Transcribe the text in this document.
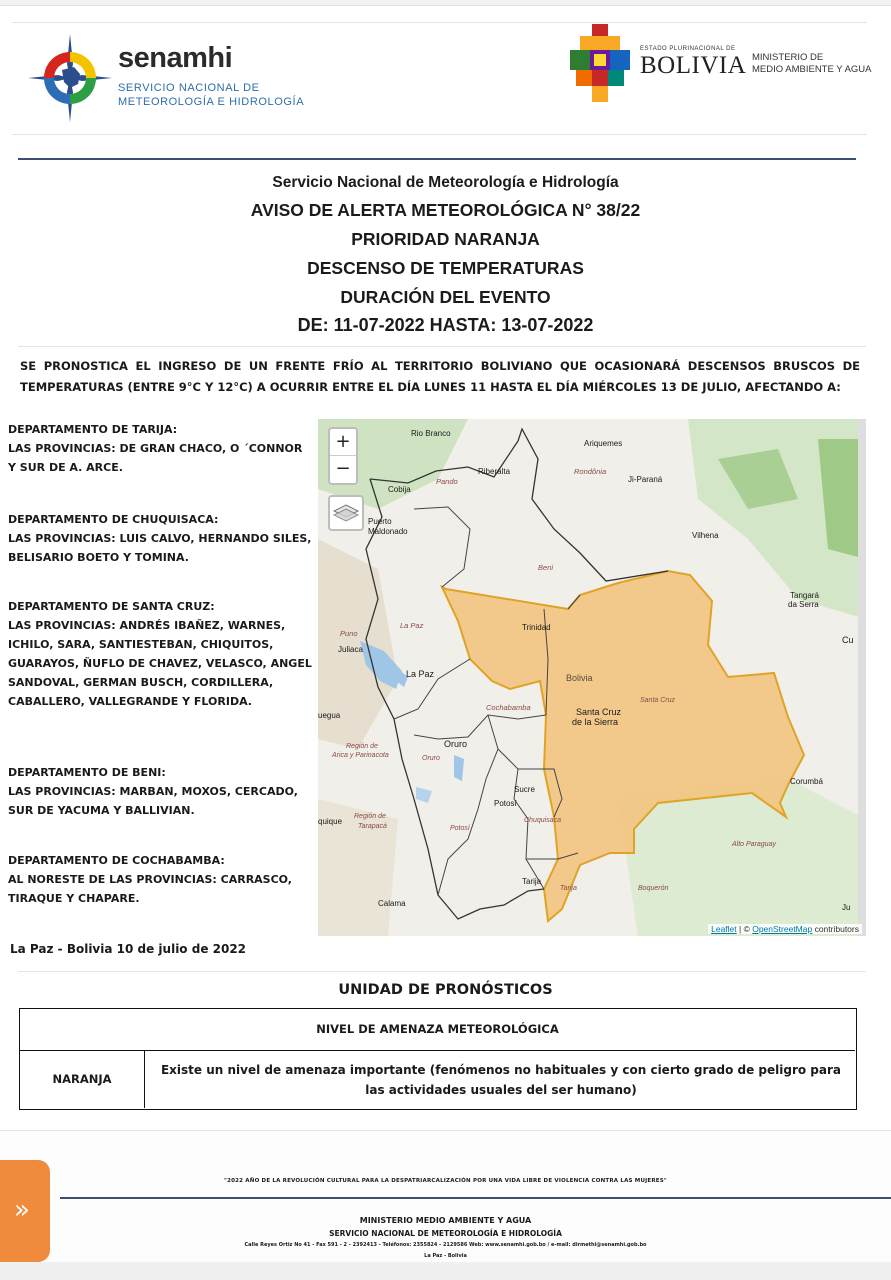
senamhi
SERVICIO NACIONAL DE
METEOROLOGÍA E HIDROLOGÍA
ESTADO PLURINACIONAL DE
BOLIVIA MINISTERIO DE
MEDIO AMBIENTE Y AGUA
Servicio Nacional de Meteorología e Hidrología
AVISO DE ALERTA METEOROLÓGICA N° 38/22
PRIORIDAD NARANJA
DESCENSO DE TEMPERATURAS
DURACIÓN DEL EVENTO
DE: 11-07-2022 HASTA: 13-07-2022
SE PRONOSTICA EL INGRESO DE UN FRENTE FRÍO AL TERRITORIO BOLIVIANO QUE OCASIONARÁ DESCENSOS BRUSCOS DE TEMPERATURAS (ENTRE 9°C Y 12°C) A OCURRIR ENTRE EL DÍA LUNES 11 HASTA EL DÍA MIÉRCOLES 13 DE JULIO, AFECTANDO A:
DEPARTAMENTO DE TARIJA:
LAS PROVINCIAS: DE GRAN CHACO, O ´CONNOR Y SUR DE A. ARCE.
DEPARTAMENTO DE CHUQUISACA:
LAS PROVINCIAS: LUIS CALVO, HERNANDO SILES, BELISARIO BOETO Y TOMINA.
DEPARTAMENTO DE SANTA CRUZ:
LAS PROVINCIAS: ANDRÉS IBAÑEZ, WARNES, ICHILO, SARA, SANTIESTEBAN, CHIQUITOS, GUARAYOS, ÑUFLO DE CHAVEZ, VELASCO, ANGEL SANDOVAL, GERMAN BUSCH, CORDILLERA, CABALLERO, VALLEGRANDE Y FLORIDA.
DEPARTAMENTO DE BENI:
LAS PROVINCIAS: MARBAN, MOXOS, CERCADO, SUR DE YACUMA Y BALLIVIAN.
DEPARTAMENTO DE COCHABAMBA:
AL NORESTE DE LAS PROVINCIAS: CARRASCO, TIRAQUE Y CHAPARE.
+
−
Rio Branco
Ariquemes
Riberalta	Rondônia
Ji-Paraná
Cobija
Pando
Puerto
Maldonado	Vilhena
Beni
Tangará
da Serra
Trinidad
Puno
La Paz
Juliaca
La Paz	Bolivia
Cu
Cochabamba	Santa Cruz
de la Sierra
Santa Cruz
uegua
Región de
Arica y Parinacota
Oruro
Oruro
Sucre
Potosí
Potosí
Chuquisaca
Corumbá
quique
Región de
Tarapacá
Alto Paraguay
Tarija
Tarija	Boquerón
Calama	Ju
Leaflet | © OpenStreetMap contributors
La Paz - Bolivia 10 de julio de 2022
UNIDAD DE PRONÓSTICOS
NIVEL DE AMENAZA METEOROLÓGICA
NARANJA
Existe un nivel de amenaza importante (fenómenos no habituales y con cierto grado de peligro para las actividades usuales del ser humano)
"2022 AÑO DE LA REVOLUCIÓN CULTURAL PARA LA DESPATRIARCALIZACIÓN POR UNA VIDA LIBRE DE VIOLENCIA CONTRA LAS MUJERES"
MINISTERIO MEDIO AMBIENTE Y AGUA
SERVICIO NACIONAL DE METEOROLOGÍA E HIDROLOGÍA
Calle Reyes Ortiz No 41 - Fax 591 - 2 - 2392413 - Teléfonos: 2355824 - 2129586 Web: www.senamhi.gob.bo / e-mail: dirmethi@senamhi.gob.bo
La Paz - Bolivia
»
